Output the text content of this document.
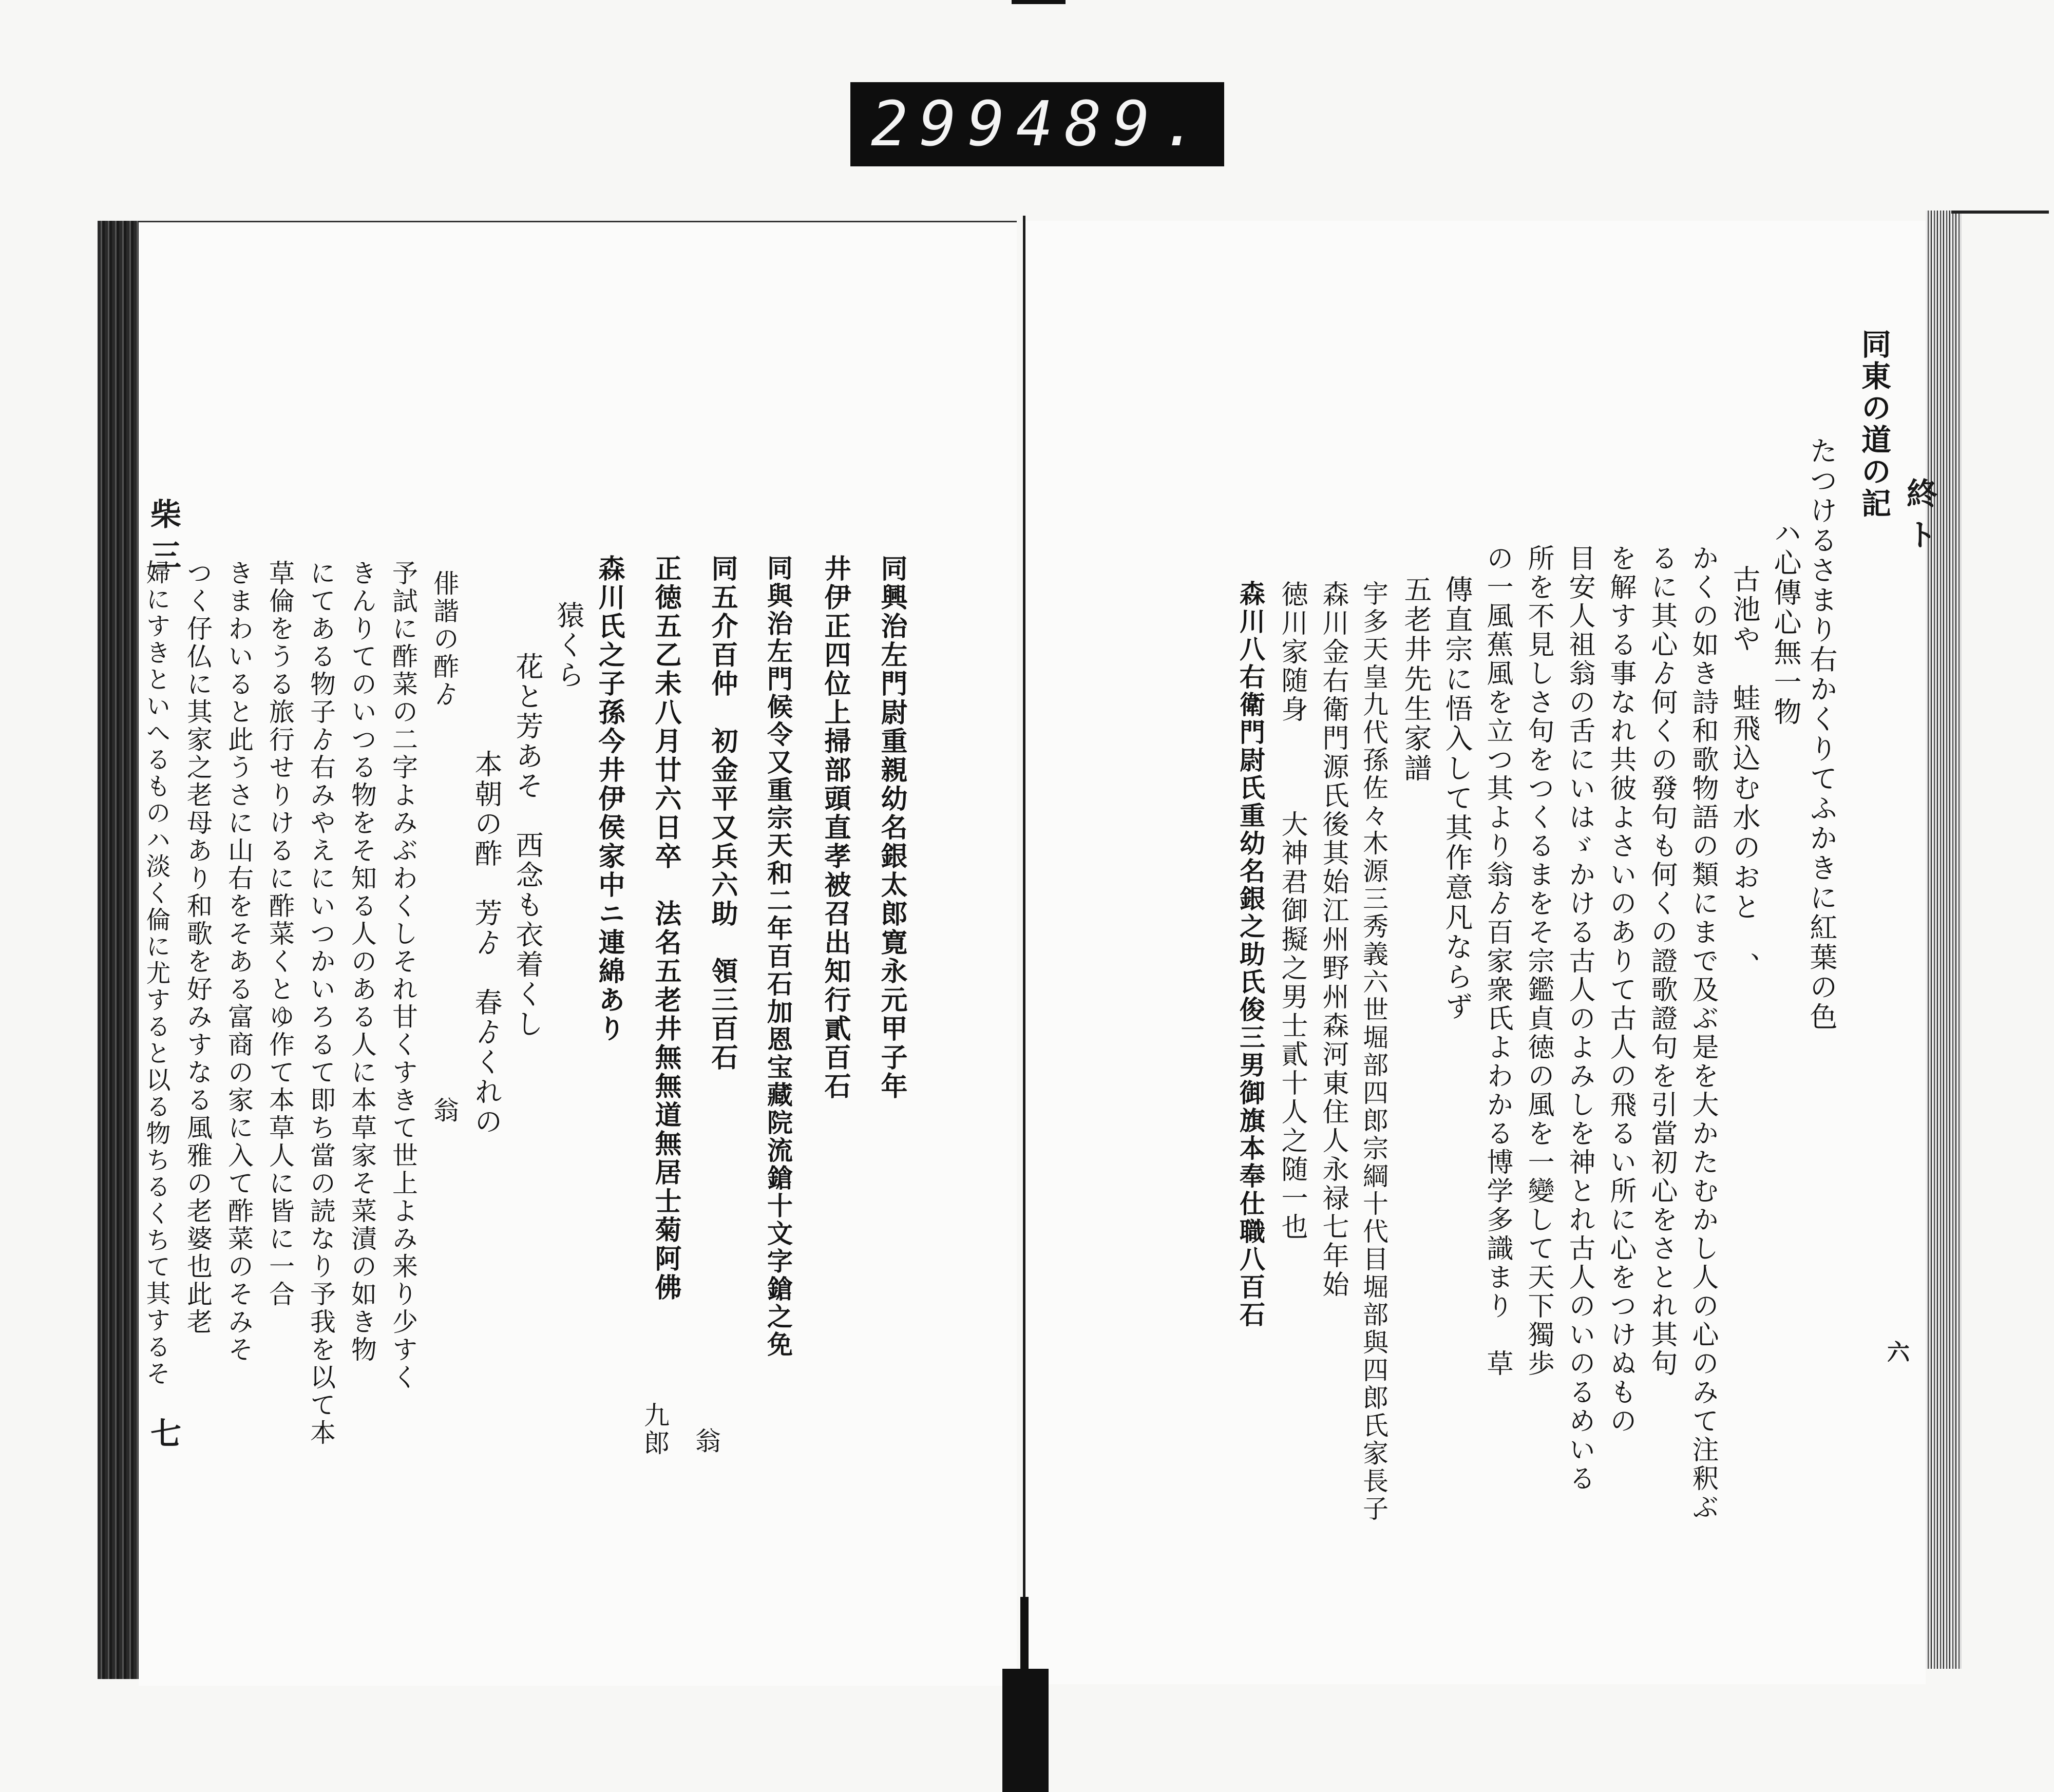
299 489.
柴
三
七
終
ト
六
同東の道の記
たつけるさまり右かくりてふかきに紅葉の色
ハ心傳心無一物
古池や　蛙飛込む水のおと　、
かくの如き詩和歌物語の類にまで及ぶ是を大かたむかし人の心のみて注釈ぶ
るに其心ゟ何くの發句も何くの證歌證句を引當初心をさとれ其句
を解する事なれ共彼よさいのありて古人の飛るい所に心をつけぬもの
目安人祖翁の舌にいはゞかける古人のよみしを神とれ古人のいのるめいる
所を不見しさ句をつくるまをそ宗鑑貞徳の風を一變して天下獨歩
の一風蕉風を立つ其より翁ゟ百家衆氏よわかる博学多識まり　草
傳直宗に悟入して其作意凡ならず
五老井先生家譜
宇多天皇九代孫佐々木源三秀義六世堀部四郎宗綱十代目堀部與四郎氏家長子
森川金右衛門源氏後其始江州野州森河東住人永禄七年始
徳川家随身　　　大神君御擬之男士貳十人之随一也
森川八右衛門尉氏重幼名銀之助氏俊三男御旗本奉仕職八百石
同興治左門尉重親幼名銀太郎寛永元甲子年
井伊正四位上掃部頭直孝被召出知行貳百石
同與治左門候令又重宗天和二年百石加恩宝藏院流鎗十文字鎗之免
同五介百仲　初金平又兵六助　領三百石
正徳五乙未八月廿六日卒　法名五老井無無道無居士菊阿佛
森川氏之子孫今井伊侯家中ニ連綿あり
猿くら
花と芳あそ　西念も衣着くし
本朝の酢　芳ゟ　春ゟくれの
俳諧の酢ゟ　　　　　　　　　　　　　　翁
予試に酢菜の二字よみぶわくしそれ甘くすきて世上よみ来り少すく
きんりてのいつる物をそ知る人のある人に本草家そ菜漬の如き物
にてある物子ゟ右みやえにいつかいろるて即ち當の読なり予我を以て本
草倫をうる旅行せりけるに酢菜くとゆ作て本草人に皆に一合
きまわいると此うさに山右をそある富商の家に入て酢菜のそみそ
つく仔仏に其家之老母あり和歌を好みすなる風雅の老婆也此老
婦にすきといへるものハ淡く倫に尤すると以る物ちるくちて其するそ
九郎 翁
